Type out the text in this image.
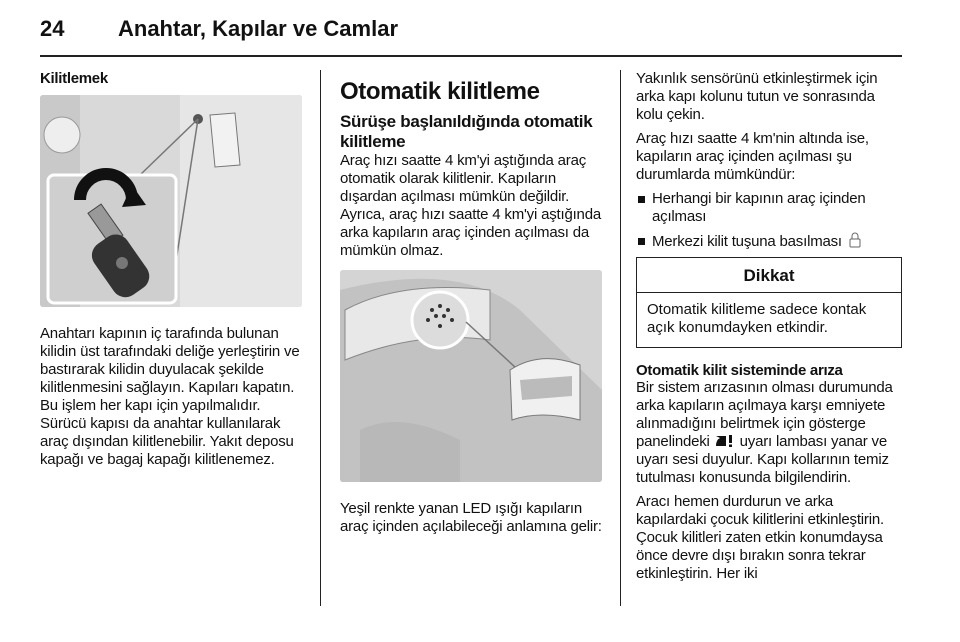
24 Anahtar, Kapılar ve Camlar
Kilitlemek

Anahtarı kapının iç tarafında bulunan kilidin üst tarafındaki deliğe yerleştirin ve bastırarak kilidin duyulacak şekilde kilitlenmesini sağlayın. Kapıları kapatın. Bu işlem her kapı için yapılmalıdır. Sürücü kapısı da anahtar kullanılarak araç dışından kilitlenebilir. Yakıt deposu kapağı ve bagaj kapağı kilitlenemez.

Otomatik kilitleme
Sürüşe başlanıldığında otomatik kilitleme

Araç hızı saatte 4 km'yi aştığında araç otomatik olarak kilitlenir. Kapıların dışardan açılması mümkün değildir. Ayrıca, araç hızı saatte 4 km'yi aştığında arka kapıların araç içinden açılması da mümkün olmaz.

Yeşil renkte yanan LED ışığı kapıların araç içinden açılabileceği anlamına gelir:

Yakınlık sensörünü etkinleştirmek için arka kapı kolunu tutun ve sonrasında kolu çekin.

Araç hızı saatte 4 km'nin altında ise, kapıların araç içinden açılması şu durumlarda mümkündür:

Herhangi bir kapının araç içinden açılması
Merkezi kilit tuşuna basılması
Dikkat
Otomatik kilitleme sadece kontak açık konumdayken etkindir.
Otomatik kilit sisteminde arıza

Bir sistem arızasının olması durumunda arka kapıların açılmaya karşı emniyete alınmadığını belirtmek için gösterge panelindeki uyarı lambası yanar ve uyarı sesi duyulur. Kapı kollarının temiz tutulması konusunda bilgilendirin.

Aracı hemen durdurun ve arka kapılardaki çocuk kilitlerini etkinleştirin. Çocuk kilitleri zaten etkin konumdaysa önce devre dışı bırakın sonra tekrar etkinleştirin. Her iki
